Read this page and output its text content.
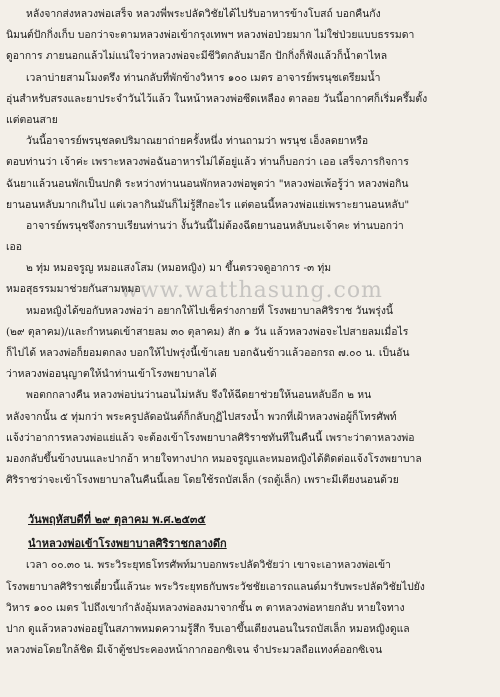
www.watthasung.com
หลังจากส่งหลวงพ่อเสร็จ หลวงพี่พระปลัดวิชัยได้ไปรับอาหารข้างโบสถ์ บอกคืนกัง
นิมนต์ปักกิ่งเก็บ บอกว่าจะตามหลวงพ่อเข้ากรุงเทพฯ หลวงพ่อป่วยมาก ไม่ใช่ป่วยแบบธรรมดา
ดูอาการ ภายนอกแล้วไม่แน่ใจว่าหลวงพ่อจะมีชีวิตกลับมาอีก ปักกิ่งก็ฟังแล้วก็น้ำตาไหล
เวลาบ่ายสามโมงตรึง ท่านกลับที่พักข้างวิหาร ๑๐๐ เมตร อาจารย์พรนุชเตรียมน้ำ
อุ่นสำหรับสรงและยาประจำวันไว้แล้ว ในหน้าหลวงพ่อซีดเหลือง ตาลอย วันนี้อากาศก็เริ่มครึ้มตั้ง
แต่ตอนสาย
วันนี้อาจารย์พรนุชลดปริมาณยาถ่ายครั้งหนึ่ง ท่านถามว่า พรนุช เอ็งลดยาหรือ
ตอบท่านว่า เจ้าค่ะ เพราะหลวงพ่อฉันอาหารไม่ได้อยู่แล้ว ท่านก็บอกว่า เออ เสร็จภารกิจการ
ฉันยาแล้วนอนพักเป็นปกติ ระหว่างท่านนอนพักหลวงพ่อพูดว่า "หลวงพ่อเพ้อรู้ว่า หลวงพ่อกิน
ยานอนหลับมากเกินไป แต่เวลากินมันก็ไม่รู้สึกอะไร แต่ตอนนี้หลวงพ่อแย่เพราะยานอนหลับ"
อาจารย์พรนุชจึงกราบเรียนท่านว่า งั้นวันนี้ไม่ต้องฉีดยานอนหลับนะเจ้าคะ ท่านบอกว่า
เออ
๒ ทุ่ม หมอจรูญ หมอแสงโสม (หมอหญิง) มา ขึ้นตรวจดูอาการ -๓ ทุ่ม
หมอสุธรรมมาช่วยกันสามหมอ
หมอหญิงได้ขอกับหลวงพ่อว่า อยากให้ไปเช็คร่างกายที่ โรงพยาบาลศิริราช วันพรุ่งนี้
(๒๙ ตุลาคม)/และกำหนดเข้าสายลม ๓๐ ตุลาคม) สัก ๑ วัน แล้วหลวงพ่อจะไปสายลมเมื่อไร
ก็ไปได้ หลวงพ่อก็ยอมตกลง บอกให้ไปพรุ่งนี้เข้าเลย บอกฉันข้าวแล้วออกรถ ๗.๐๐ น. เป็นอัน
ว่าหลวงพ่ออนุญาตให้นำท่านเข้าโรงพยาบาลได้
พอตกกลางคืน หลวงพ่อบ่นว่านอนไม่หลับ จึงให้ฉีดยาช่วยให้นอนหลับอีก ๒ หน
หลังจากนั้น ๕ ทุ่มกว่า พระครูปลัดอนันต์ก็กลับกุฏิไปสรงน้ำ พวกที่เฝ้าหลวงพ่อผู้ก็โทรศัพท์
แจ้งว่าอาการหลวงพ่อแย่แล้ว จะต้องเข้าโรงพยาบาลศิริราชทันทีในคืนนี้ เพราะว่าตาหลวงพ่อ
มองกลับขึ้นข้างบนและปากอ้า หายใจทางปาก หมอจรูญและหมอหญิงได้ติดต่อแจ้งโรงพยาบาล
ศิริราชว่าจะเข้าโรงพยาบาลในคืนนี้เลย โดยใช้รถบัสเล็ก (รถตู้เล็ก) เพราะมีเตียงนอนด้วย

วันพฤหัสบดีที่ ๒๙ ตุลาคม พ.ศ.๒๕๓๕

นำหลวงพ่อเข้าโรงพยาบาลศิริราชกลางดึก

เวลา ๐๐.๓๐ น. พระวิระยุทธโทรศัพท์มาบอกพระปลัดวิชัยว่า เขาจะเอาหลวงพ่อเข้า
โรงพยาบาลศิริราชเดี๋ยวนี้แล้วนะ พระวิระยุทธกับพระวัชชัยเอารถแลนด์มารับพระปลัดวิชัยไปยัง
วิหาร ๑๐๐ เมตร ไปถึงเขากำลังอุ้มหลวงพ่อลงมาจากชั้น ๓ ตาหลวงพ่อหายกลับ หายใจทาง
ปาก ดูแล้วหลวงพ่ออยู่ในสภาพหมดความรู้สึก รีบเอาขึ้นเตียงนอนในรถบัสเล็ก หมอหญิงดูแล
หลวงพ่อโดยใกล้ชิด มีเจ้าตู้ชประคองหน้ากากออกซิเจน จำประมวลถือแทงค์ออกซิเจน
